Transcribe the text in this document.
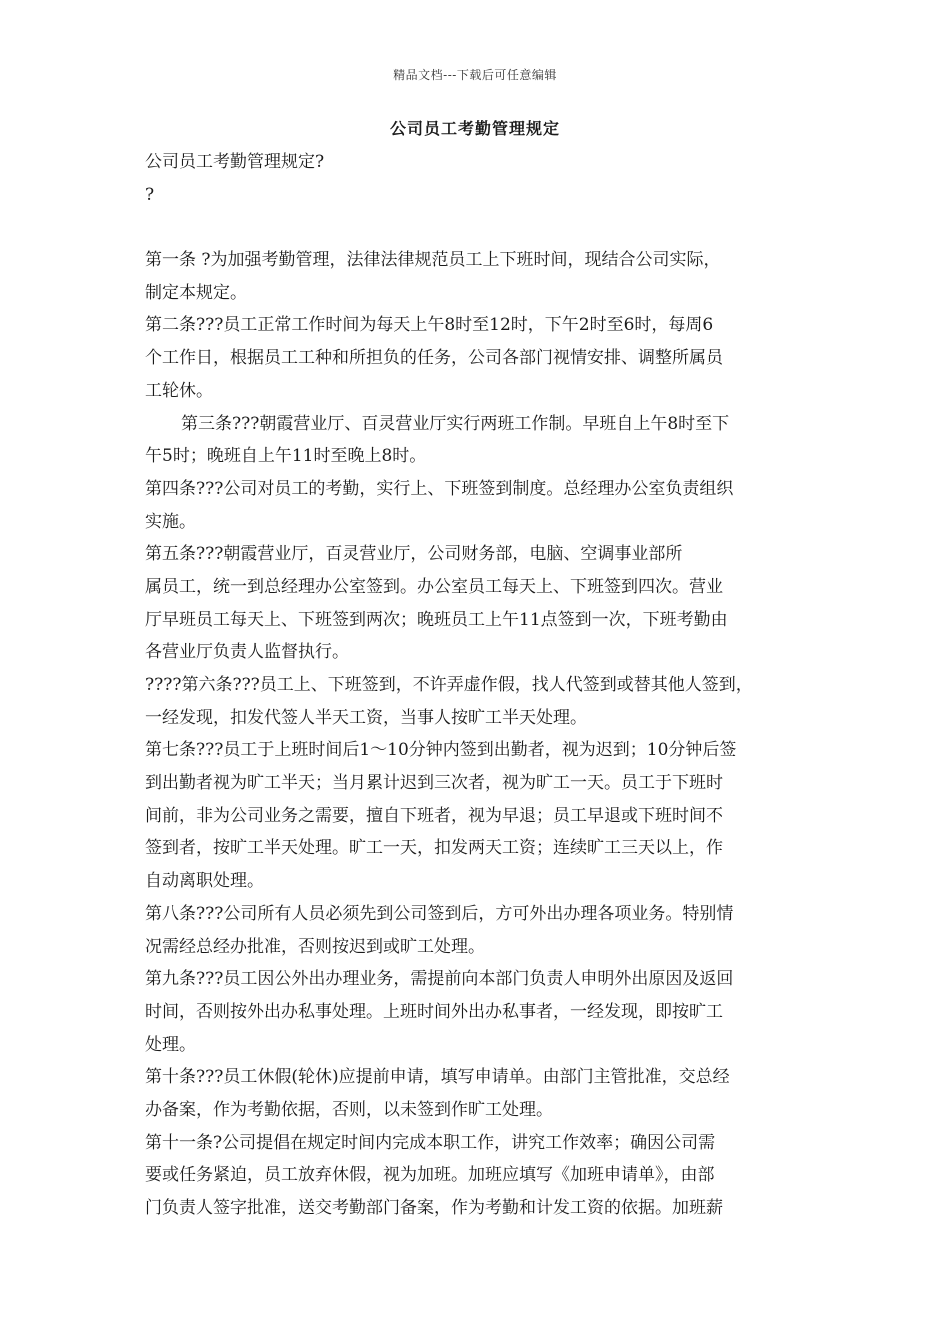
精品文档---下载后可任意编辑
公司员工考勤管理规定
公司员工考勤管理规定?
?
第一条 ?为加强考勤管理，法律法律规范员工上下班时间，现结合公司实际，
制定本规定。
第二条???员工正常工作时间为每天上午8时至12时，下午2时至6时，每周6
个工作日，根据员工工种和所担负的任务，公司各部门视情安排、调整所属员
工轮休。
第三条???朝霞营业厅、百灵营业厅实行两班工作制。早班自上午8时至下
午5时；晚班自上午11时至晚上8时。
第四条???公司对员工的考勤，实行上、下班签到制度。总经理办公室负责组织
实施。
第五条???朝霞营业厅，百灵营业厅，公司财务部，电脑、空调事业部所
属员工，统一到总经理办公室签到。办公室员工每天上、下班签到四次。营业
厅早班员工每天上、下班签到两次；晚班员工上午11点签到一次，下班考勤由
各营业厅负责人监督执行。
????第六条???员工上、下班签到，不许弄虚作假，找人代签到或替其他人签到，
一经发现，扣发代签人半天工资，当事人按旷工半天处理。
第七条???员工于上班时间后1～10分钟内签到出勤者，视为迟到；10分钟后签
到出勤者视为旷工半天；当月累计迟到三次者，视为旷工一天。员工于下班时
间前，非为公司业务之需要，擅自下班者，视为早退；员工早退或下班时间不
签到者，按旷工半天处理。旷工一天，扣发两天工资；连续旷工三天以上，作
自动离职处理。
第八条???公司所有人员必须先到公司签到后，方可外出办理各项业务。特别情
况需经总经办批准，否则按迟到或旷工处理。
第九条???员工因公外出办理业务，需提前向本部门负责人申明外出原因及返回
时间，否则按外出办私事处理。上班时间外出办私事者，一经发现，即按旷工
处理。
第十条???员工休假(轮休)应提前申请，填写申请单。由部门主管批准，交总经
办备案，作为考勤依据，否则，以未签到作旷工处理。
第十一条?公司提倡在规定时间内完成本职工作，讲究工作效率；确因公司需
要或任务紧迫，员工放弃休假，视为加班。加班应填写《加班申请单》，由部
门负责人签字批准，送交考勤部门备案，作为考勤和计发工资的依据。加班薪
